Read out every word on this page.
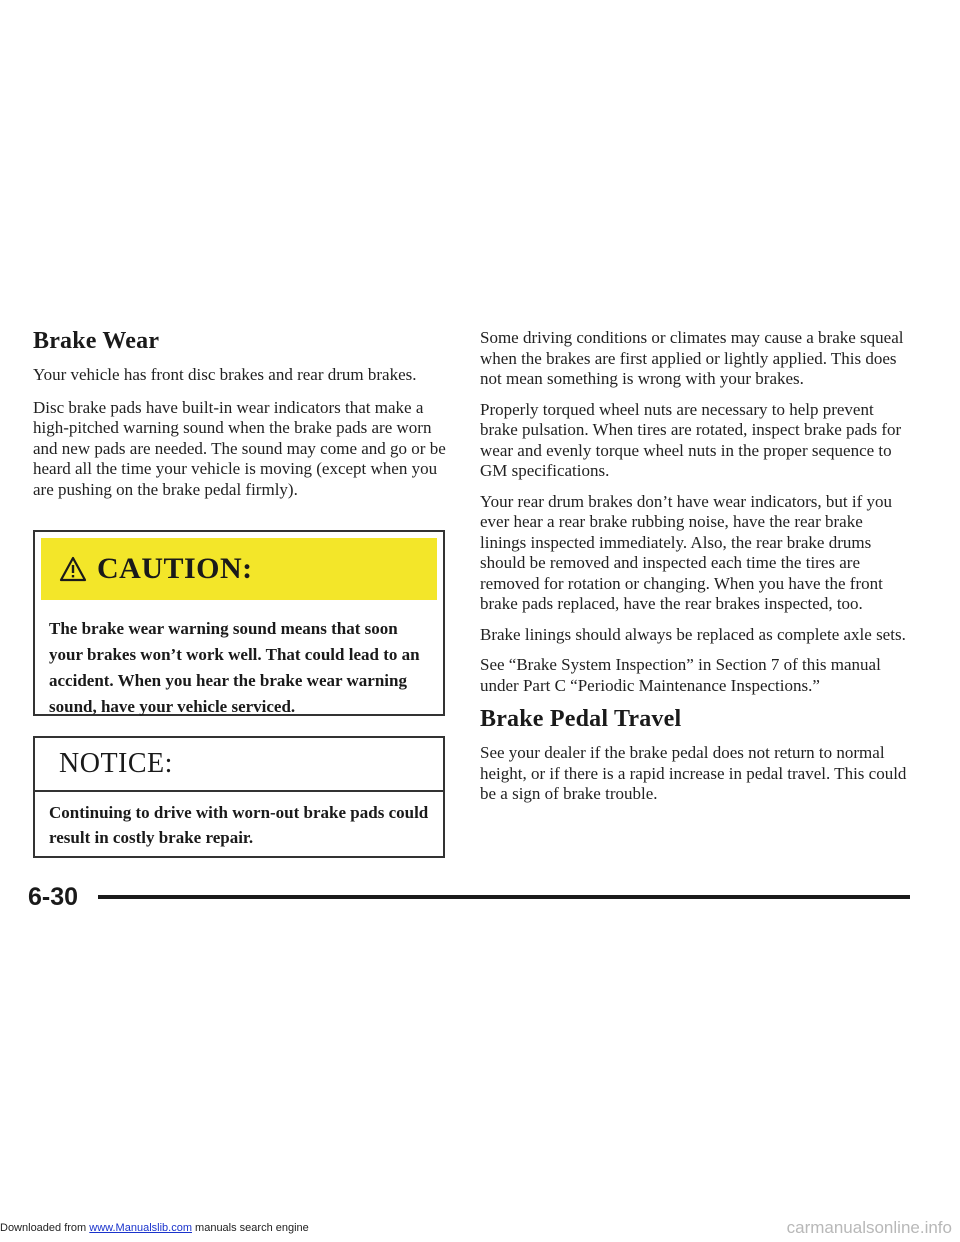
Brake Wear

Your vehicle has front disc brakes and rear drum brakes.

Disc brake pads have built-in wear indicators that make a high-pitched warning sound when the brake pads are worn and new pads are needed. The sound may come and go or be heard all the time your vehicle is moving (except when you are pushing on the brake pedal firmly).

CAUTION:
The brake wear warning sound means that soon your brakes won’t work well. That could lead to an accident. When you hear the brake wear warning sound, have your vehicle serviced.
NOTICE:
Continuing to drive with worn-out brake pads could result in costly brake repair.

Some driving conditions or climates may cause a brake squeal when the brakes are first applied or lightly applied. This does not mean something is wrong with your brakes.

Properly torqued wheel nuts are necessary to help prevent brake pulsation. When tires are rotated, inspect brake pads for wear and evenly torque wheel nuts in the proper sequence to GM specifications.

Your rear drum brakes don’t have wear indicators, but if you ever hear a rear brake rubbing noise, have the rear brake linings inspected immediately. Also, the rear brake drums should be removed and inspected each time the tires are removed for rotation or changing. When you have the front brake pads replaced, have the rear brakes inspected, too.

Brake linings should always be replaced as complete axle sets.

See “Brake System Inspection” in Section 7 of this manual under Part C “Periodic Maintenance Inspections.”

Brake Pedal Travel

See your dealer if the brake pedal does not return to normal height, or if there is a rapid increase in pedal travel. This could be a sign of brake trouble.

6-30
Downloaded from www.Manualslib.com manuals search engine	carmanualsonline.info
